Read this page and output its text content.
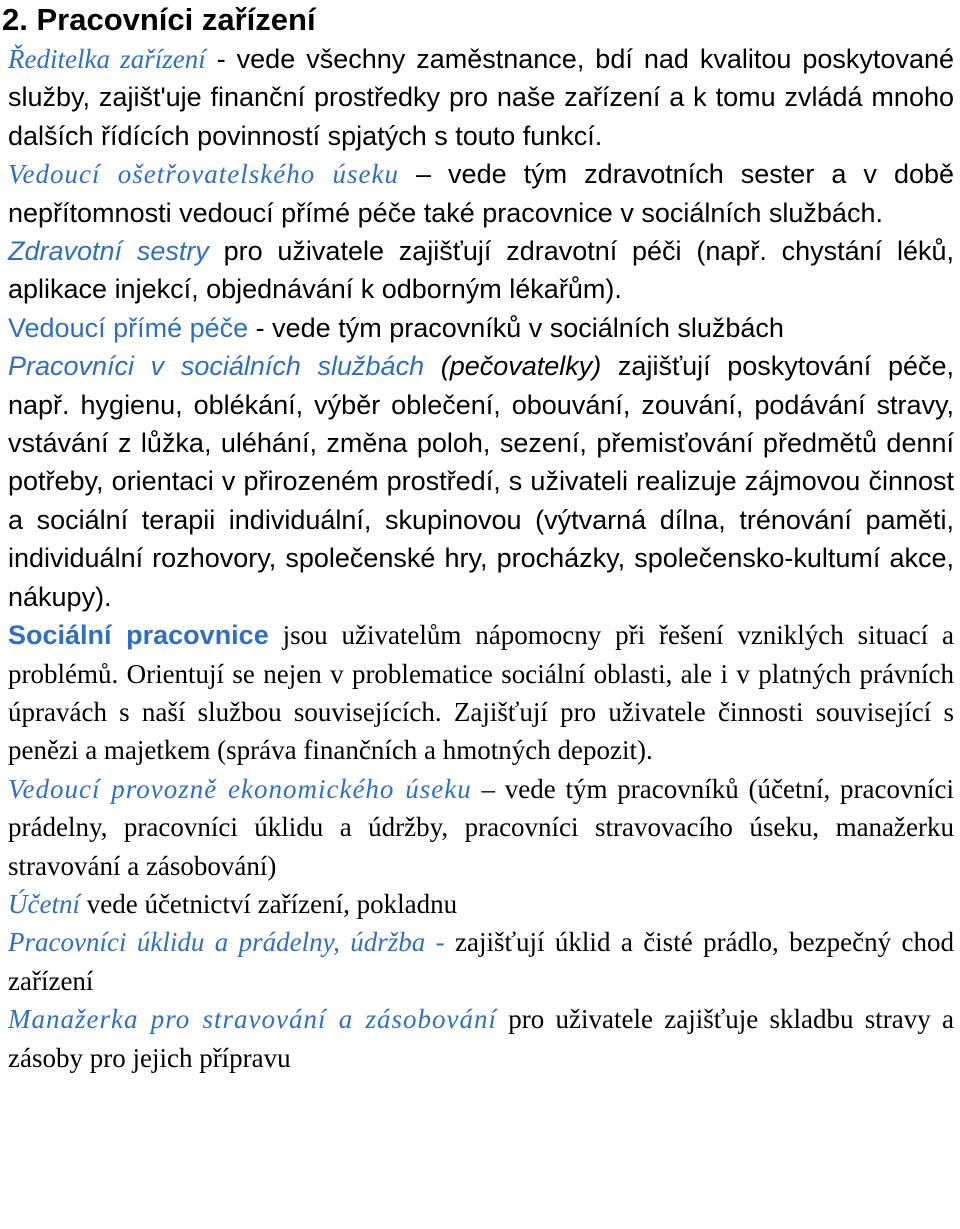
2. Pracovníci zařízení

Ředitelka zařízení - vede všechny zaměstnance, bdí nad kvalitou poskytované služby, zajišt'uje finanční prostředky pro naše zařízení a k tomu zvládá mnoho dalších řídících povinností spjatých s touto funkcí.

Vedoucí ošetřovatelského úseku – vede tým zdravotních sester a v době nepřítomnosti vedoucí přímé péče také pracovnice v sociálních službách.

Zdravotní sestry pro uživatele zajišťují zdravotní péči (např. chystání léků, aplikace injekcí, objednávání k odborným lékařům).

Vedoucí přímé péče - vede tým pracovníků v sociálních službách

Pracovníci v sociálních službách (pečovatelky) zajišťují poskytování péče, např. hygienu, oblékání, výběr oblečení, obouvání, zouvání, podávání stravy, vstávání z lůžka, uléhání, změna poloh, sezení, přemisťování předmětů denní potřeby, orientaci v přirozeném prostředí, s uživateli realizuje zájmovou činnost a sociální terapii individuální, skupinovou (výtvarná dílna, trénování paměti, individuální rozhovory, společenské hry, procházky, společensko-kultumí akce, nákupy).

Sociální pracovnice jsou uživatelům nápomocny při řešení vzniklých situací a problémů. Orientují se nejen v problematice sociální oblasti, ale i v platných právních úpravách s naší službou souvisejících. Zajišťují pro uživatele činnosti související s penězi a majetkem (správa finančních a hmotných depozit).

Vedoucí provozně ekonomického úseku – vede tým pracovníků (účetní, pracovníci prádelny, pracovníci úklidu a údržby, pracovníci stravovacího úseku, manažerku stravování a zásobování)

Účetní vede účetnictví zařízení, pokladnu

Pracovníci úklidu a prádelny, údržba - zajišťují úklid a čisté prádlo, bezpečný chod zařízení

Manažerka pro stravování a zásobování pro uživatele zajišťuje skladbu stravy a zásoby pro jejich přípravu
